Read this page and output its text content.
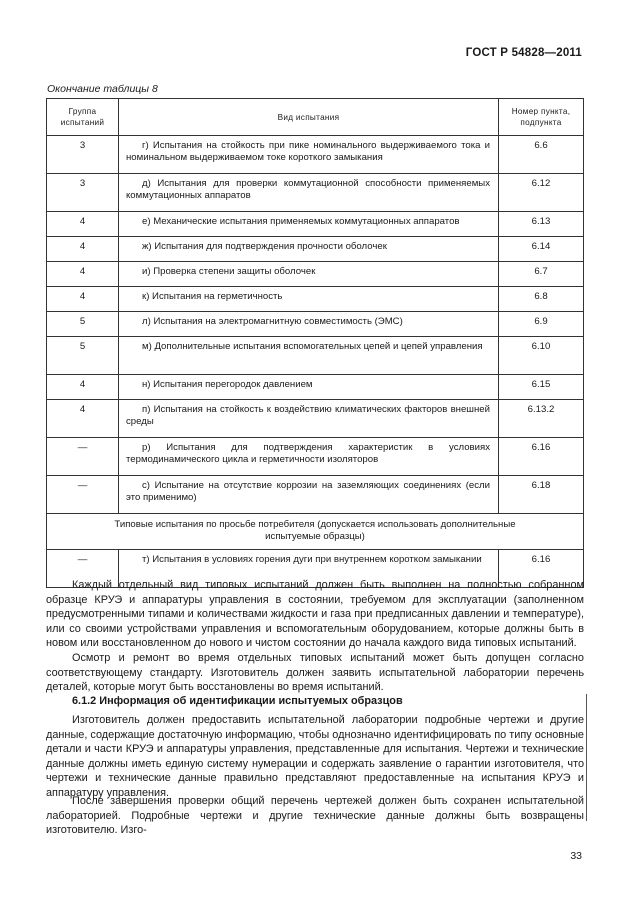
ГОСТ Р 54828—2011
Окончание таблицы 8
Группа
испытаний	Вид испытания	Номер пункта,
подпункта
3	г) Испытания на стойкость при пике номинального выдерживаемого тока и номинальном выдерживаемом токе короткого замыкания	6.6
3	д) Испытания для проверки коммутационной способности применяемых коммутационных аппаратов	6.12
4	е) Механические испытания применяемых коммутационных аппаратов	6.13
4	ж) Испытания для подтверждения прочности оболочек	6.14
4	и) Проверка степени защиты оболочек	6.7
4	к) Испытания на герметичность	6.8
5	л) Испытания на электромагнитную совместимость (ЭМС)	6.9
5	м) Дополнительные испытания вспомогательных цепей и цепей управления	6.10
4	н) Испытания перегородок давлением	6.15
4	п) Испытания на стойкость к воздействию климатических факторов внешней среды	6.13.2
—	р) Испытания для подтверждения характеристик в условиях термодинамического цикла и герметичности изоляторов	6.16
—	с) Испытание на отсутствие коррозии на заземляющих соединениях (если это применимо)	6.18
Типовые испытания по просьбе потребителя (допускается использовать дополнительные испытуемые образцы)		
—	т) Испытания в условиях горения дуги при внутреннем коротком замыкании	6.16

Каждый отдельный вид типовых испытаний должен быть выполнен на полностью собранном образце КРУЭ и аппаратуры управления в состоянии, требуемом для эксплуатации (заполненном предусмотренными типами и количествами жидкости и газа при предписанных давлении и температуре), или со своими устройствами управления и вспомогательным оборудованием, которые должны быть в новом или восстановленном до нового и чистом состоянии до начала каждого вида типовых испытаний.

Осмотр и ремонт во время отдельных типовых испытаний может быть допущен согласно соответствующему стандарту. Изготовитель должен заявить испытательной лаборатории перечень деталей, которые могут быть восстановлены во время испытаний.

6.1.2 Информация об идентификации испытуемых образцов

Изготовитель должен предоставить испытательной лаборатории подробные чертежи и другие данные, содержащие достаточную информацию, чтобы однозначно идентифицировать по типу основные детали и части КРУЭ и аппаратуры управления, представленные для испытания. Чертежи и технические данные должны иметь единую систему нумерации и содержать заявление о гарантии изготовителя, что чертежи и технические данные правильно представляют предоставленные на испытания КРУЭ и аппаратуру управления.

После завершения проверки общий перечень чертежей должен быть сохранен испытательной лабораторией. Подробные чертежи и другие технические данные должны быть возвращены изготовителю. Изго-

33
